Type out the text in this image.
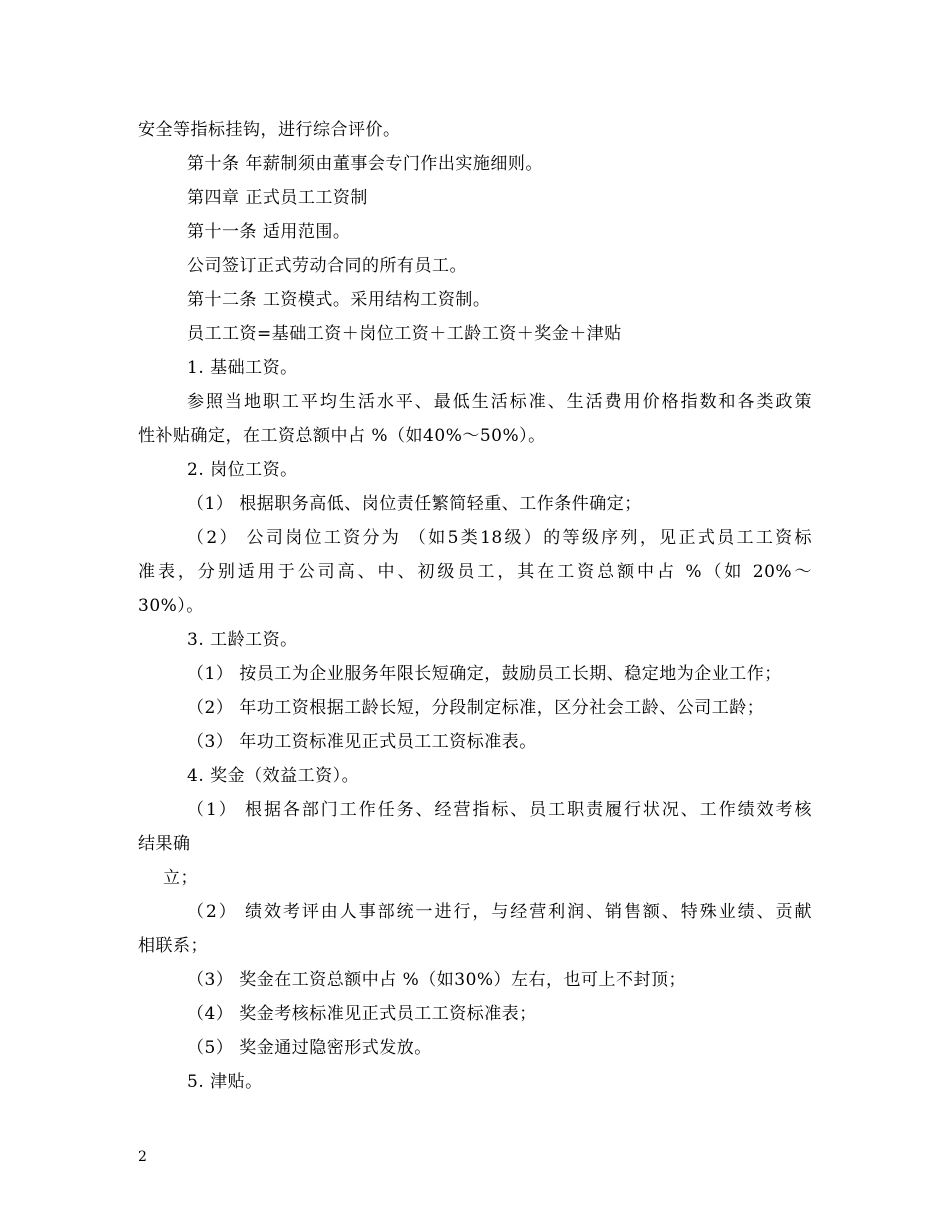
安全等指标挂钩，进行综合评价。
第十条 年薪制须由董事会专门作出实施细则。
第四章 正式员工工资制
第十一条 适用范围。
公司签订正式劳动合同的所有员工。
第十二条 工资模式。采用结构工资制。
员工工资=基础工资＋岗位工资＋工龄工资＋奖金＋津贴
1. 基础工资。
参照当地职工平均生活水平、最低生活标准、生活费用价格指数和各类政策
性补贴确定，在工资总额中占 %（如40%～50%）。
2. 岗位工资。
（1） 根据职务高低、岗位责任繁简轻重、工作条件确定；
（2） 公司岗位工资分为 （如5类18级）的等级序列，见正式员工工资标
准表，分别适用于公司高、中、初级员工，其在工资总额中占 %（如 20%～
30%）。
3. 工龄工资。
（1） 按员工为企业服务年限长短确定，鼓励员工长期、稳定地为企业工作；
（2） 年功工资根据工龄长短，分段制定标准，区分社会工龄、公司工龄；
（3） 年功工资标准见正式员工工资标准表。
4. 奖金（效益工资）。
（1） 根据各部门工作任务、经营指标、员工职责履行状况、工作绩效考核
结果确
立；
（2） 绩效考评由人事部统一进行，与经营利润、销售额、特殊业绩、贡献
相联系；
（3） 奖金在工资总额中占 %（如30%）左右，也可上不封顶；
（4） 奖金考核标准见正式员工工资标准表；
（5） 奖金通过隐密形式发放。
5. 津贴。
2
